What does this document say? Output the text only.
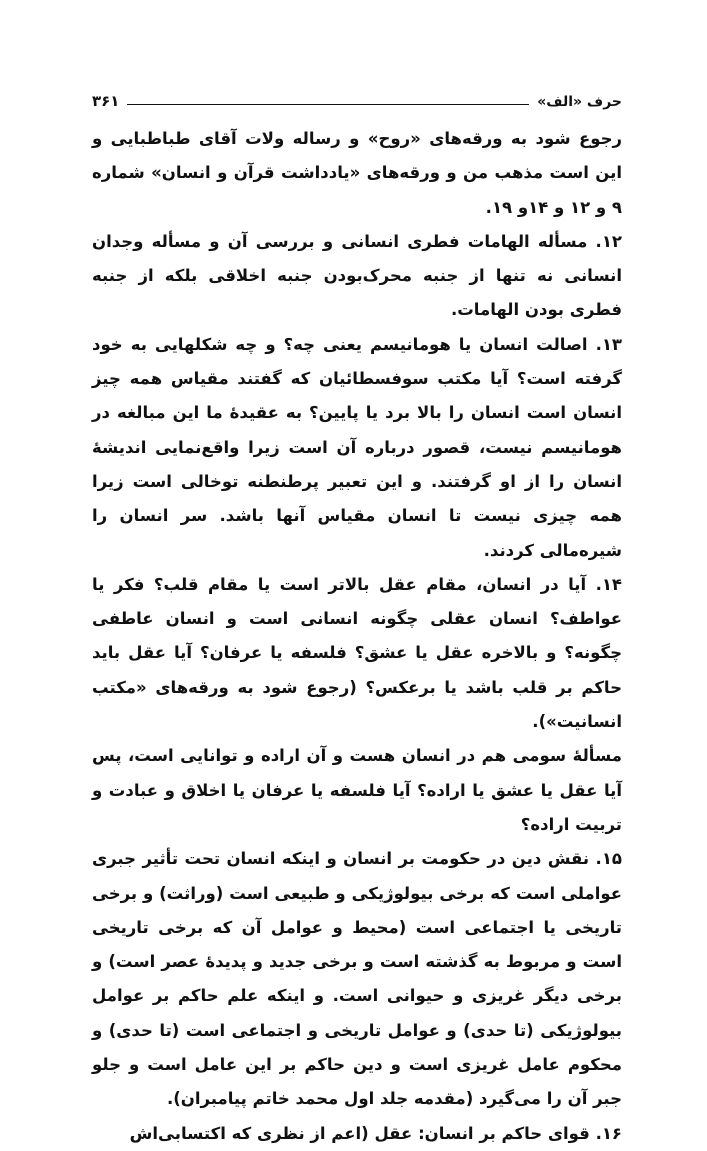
حرف «الف»
۳۶۱

رجوع شود به ورقه‌های «روح» و رساله ولات آقای طباطبایی و این است مذهب من و ورقه‌های «یادداشت قرآن و انسان» شماره ۹ و ۱۲ و ۱۴و ۱۹.

۱۲. مسأله الهامات فطری انسانی و بررسی آن و مسأله وجدان انسانی نه تنها از جنبه محرک‌بودن جنبه اخلاقی بلکه از جنبه فطری بودن الهامات.

۱۳. اصالت انسان یا هومانیسم یعنی چه؟ و چه شکلهایی به خود گرفته است؟ آیا مکتب سوفسطائیان که گفتند مقیاس همه چیز انسان است انسان را بالا برد یا پایین؟ به عقیدهٔ ما این مبالغه در هومانیسم نیست، قصور درباره آن است زیرا واقع‌نمایی اندیشهٔ انسان را از او گرفتند. و این تعبیر پرطنطنه توخالی است زیرا همه چیزی نیست تا انسان مقیاس آنها باشد. سر انسان را شیره‌مالی کردند.

۱۴. آیا در انسان، مقام عقل بالاتر است یا مقام قلب؟ فکر یا عواطف؟ انسان عقلی چگونه انسانی است و انسان عاطفی چگونه؟ و بالاخره عقل یا عشق؟ فلسفه یا عرفان؟ آیا عقل باید حاکم بر قلب باشد یا برعکس؟ (رجوع شود به ورقه‌های «مکتب انسانیت»).

مسألهٔ سومی هم در انسان هست و آن اراده و توانایی است، پس آیا عقل یا عشق یا اراده؟ آیا فلسفه یا عرفان یا اخلاق و عبادت و تربیت اراده؟

۱۵. نقش دین در حکومت بر انسان و اینکه انسان تحت تأثیر جبری عواملی است که برخی بیولوژیکی و طبیعی است (وراثت) و برخی تاریخی یا اجتماعی است (محیط و عوامل آن که برخی تاریخی است و مربوط به گذشته است و برخی جدید و پدیدهٔ عصر است) و برخی دیگر غریزی و حیوانی است. و اینکه علم حاکم بر عوامل بیولوژیکی (تا حدی) و عوامل تاریخی و اجتماعی است (تا حدی) و محکوم عامل غریزی است و دین حاکم بر این عامل است و جلو جبر آن را می‌گیرد (مقدمه جلد اول محمد خاتم پیامبران).

۱۶. قوای حاکم بر انسان: عقل (اعم از نظری که اکتسابی‌اش
